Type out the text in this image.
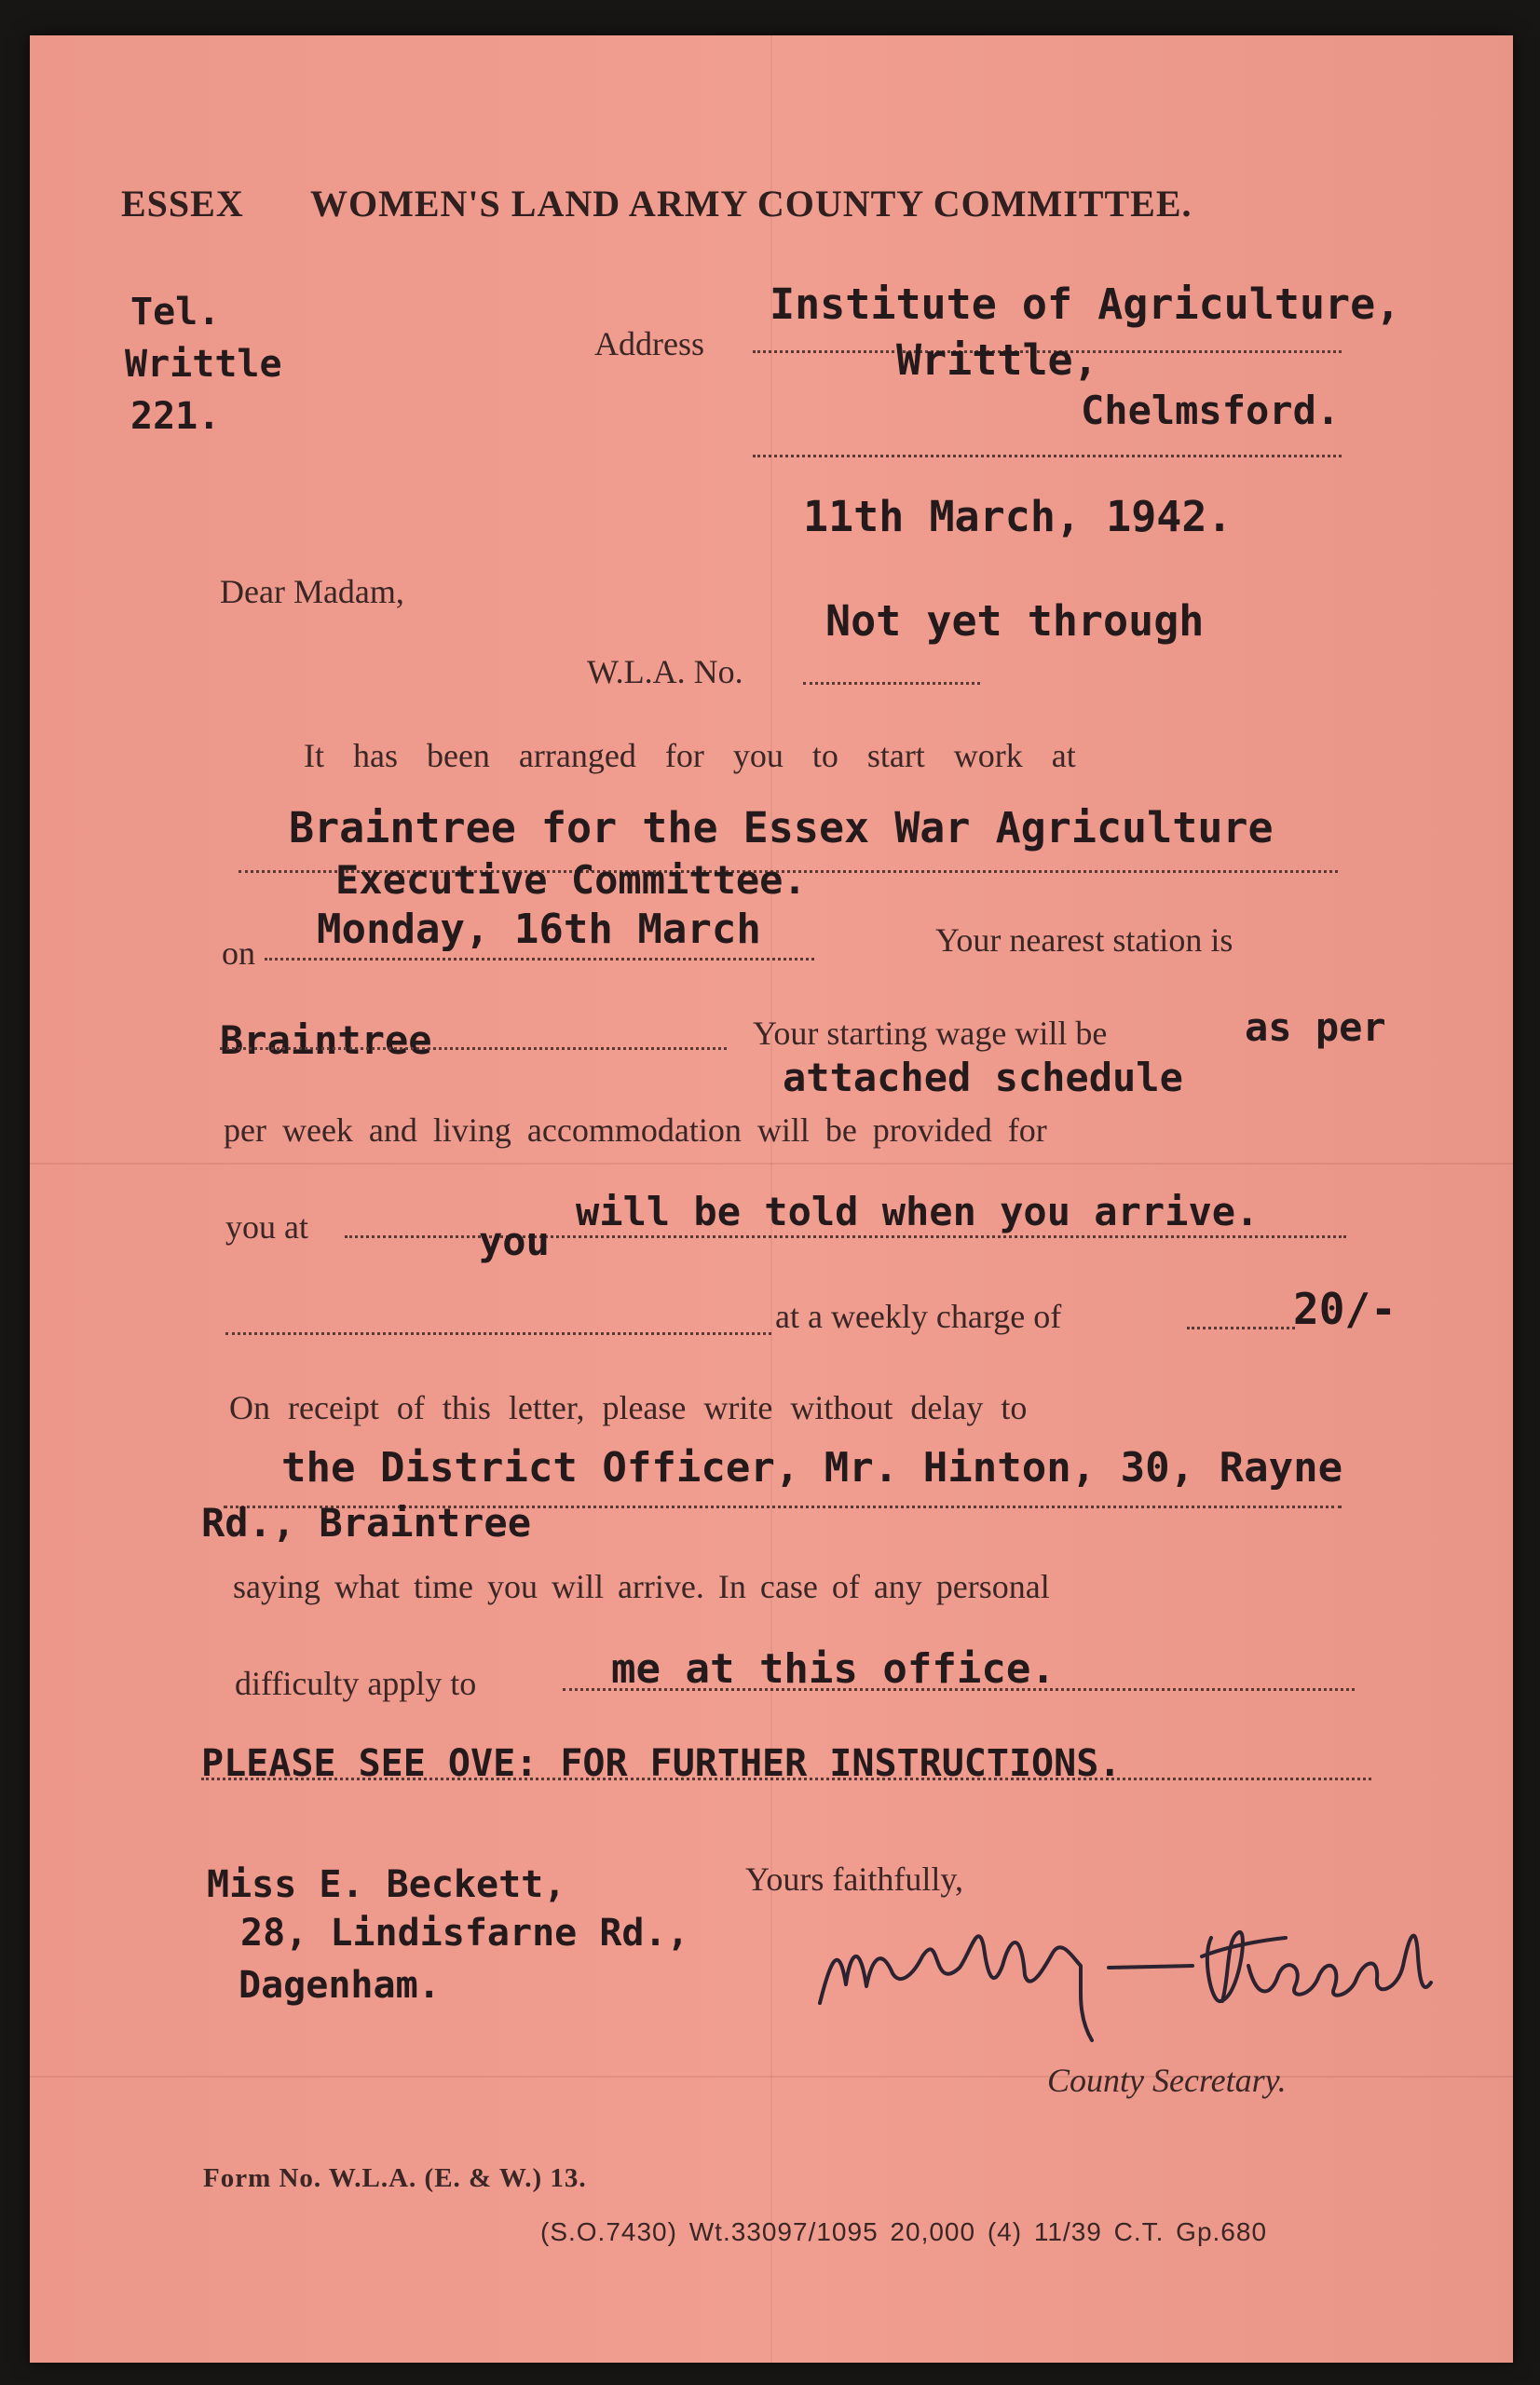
ESSEX WOMEN'S LAND ARMY COUNTY COMMITTEE.
Tel.
Writtle
221.
Address
Institute of Agriculture,
Writtle,
Chelmsford.
11th March, 1942.
Dear Madam,
Not yet through
W.L.A. No.
It has been arranged for you to start work at
Braintree for the Essex War Agriculture
Executive Committee.
on Monday, 16th March	Your nearest station is
Braintree	Your starting wage will be	as per
attached schedule
per week and living accommodation will be provided for
you at	you
will be told when you arrive.
at a weekly charge of	20/-
On receipt of this letter, please write without delay to
the District Officer, Mr. Hinton, 30, Rayne
Rd., Braintree
saying what time you will arrive. In case of any personal
difficulty apply to	me at this office.
PLEASE SEE OVE: FOR FURTHER INSTRUCTIONS.
Miss E. Beckett,
28, Lindisfarne Rd.,
Dagenham.
Yours faithfully,
County Secretary.
Form No. W.L.A. (E. & W.) 13.
(S.O.7430) Wt.33097/1095 20,000 (4) 11/39 C.T. Gp.680
